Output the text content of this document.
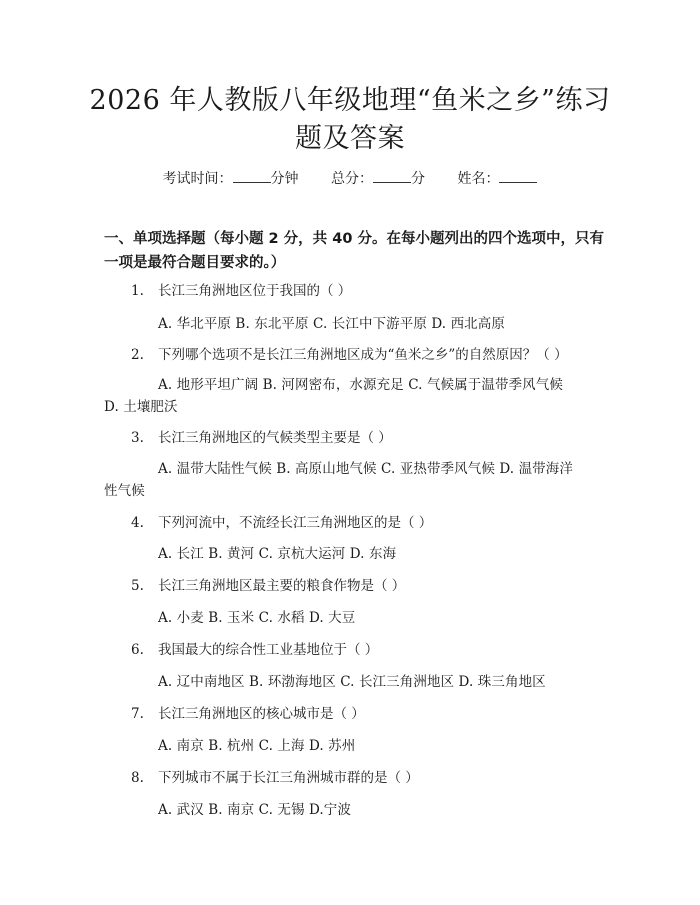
2026 年人教版八年级地理“鱼米之乡”练习
题及答案
考试时间：	分钟 总分：	分 姓名：
一、单项选择题（每小题 2 分，共 40 分。在每小题列出的四个选项中，只有一项是最符合题目要求的。）
1. 长江三角洲地区位于我国的（ ）
A. 华北平原 B. 东北平原 C. 长江中下游平原 D. 西北高原
2. 下列哪个选项不是长江三角洲地区成为“鱼米之乡”的自然原因？（ ）
A. 地形平坦广阔 B. 河网密布，水源充足 C. 气候属于温带季风气候 D. 土壤肥沃
3. 长江三角洲地区的气候类型主要是（ ）
A. 温带大陆性气候 B. 高原山地气候 C. 亚热带季风气候 D. 温带海洋性气候
4. 下列河流中，不流经长江三角洲地区的是（ ）
A. 长江 B. 黄河 C. 京杭大运河 D. 东海
5. 长江三角洲地区最主要的粮食作物是（ ）
A. 小麦 B. 玉米 C. 水稻 D. 大豆
6. 我国最大的综合性工业基地位于（ ）
A. 辽中南地区 B. 环渤海地区 C. 长江三角洲地区 D. 珠三角地区
7. 长江三角洲地区的核心城市是（ ）
A. 南京 B. 杭州 C. 上海 D. 苏州
8. 下列城市不属于长江三角洲城市群的是（ ）
A. 武汉 B. 南京 C. 无锡 D.宁波
